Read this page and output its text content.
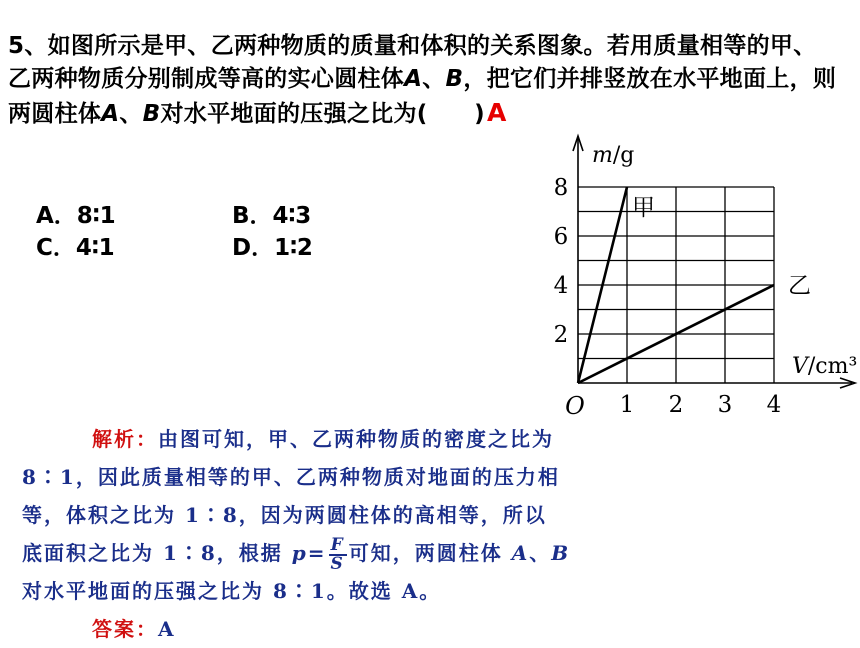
5、如图所示是甲、乙两种物质的质量和体积的关系图象。若用质量相等的甲、乙两种物质分别制成等高的实心圆柱体A、B，把它们并排竖放在水平地面上，则两圆柱体A、B对水平地面的压强之比为(　　)A
A．8∶1	B．4∶3
C．4∶1	D．1∶2
1 2 3 4
2
4
6
8
O
m/g
V/cm³
甲
乙
解析：由图可知，甲、乙两种物质的密度之比为
8∶1，因此质量相等的甲、乙两种物质对地面的压力相
等，体积之比为 1∶8，因为两圆柱体的高相等，所以
底面积之比为 1∶8，根据 $p= \frac{F}{S}$ 可知，两圆柱体 A、B
对水平地面的压强之比为 8∶1。故选 A。
答案：A
